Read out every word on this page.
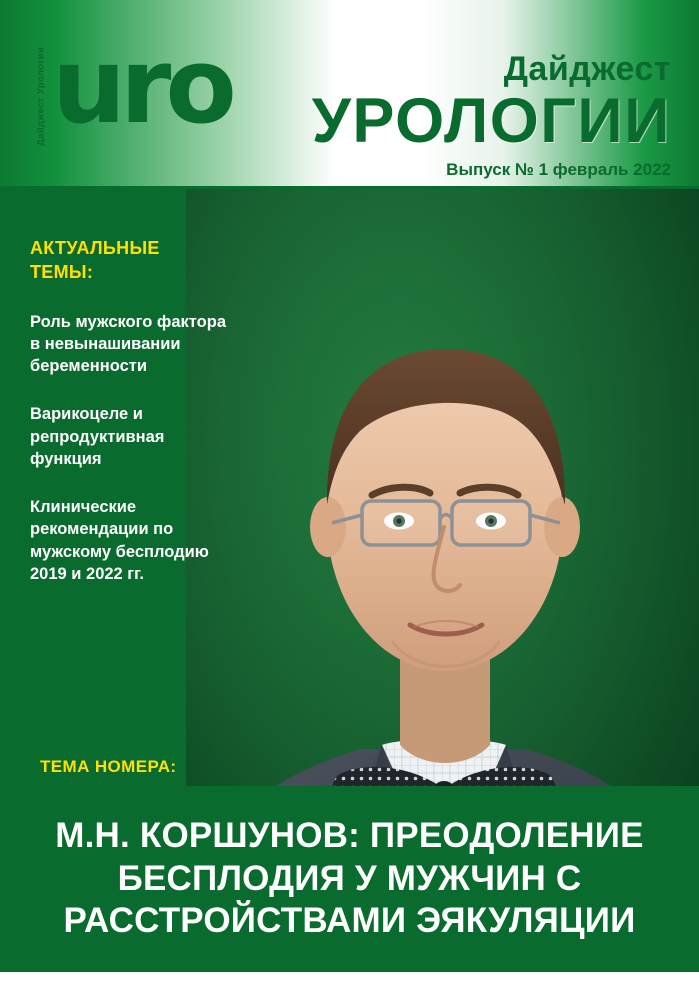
Дайджест Урологии uro	Дайджест
УРОЛОГИИ
Выпуск № 1 февраль 2022
АКТУАЛЬНЫЕ
ТЕМЫ:
Роль мужского фактора в невынашивании беременности
Варикоцеле и репродуктивная функция
Клинические рекомендации по мужскому бесплодию 2019 и 2022 гг.
ТЕМА НОМЕРА:
М.Н. КОРШУНОВ: ПРЕОДОЛЕНИЕ БЕСПЛОДИЯ У МУЖЧИН С РАССТРОЙСТВАМИ ЭЯКУЛЯЦИИ
